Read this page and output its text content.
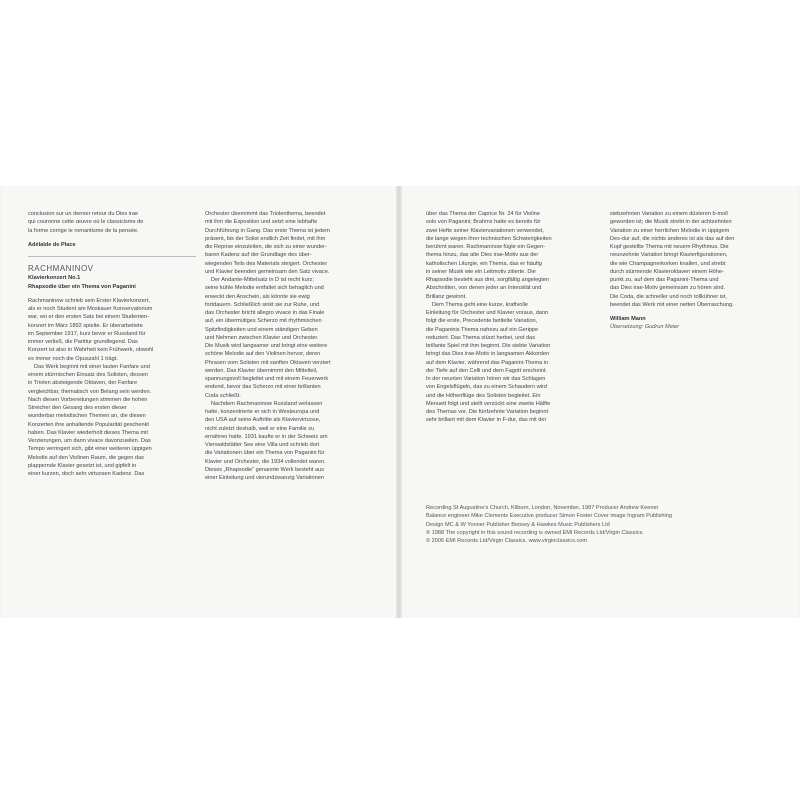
conclusion sur un dernier retour du Dies irae

qui couronne cette œuvre où le classicisme de

la forme corrige le romantisme de la pensée.

Adélaïde de Place

RACHMANINOV

Klavierkonzert No.1

Rhapsodie über ein Thema von Paganini

Rachmaninow schrieb sein Erster Klavierkonzert,

als er noch Student am Moskauer Konservatorium

war, wo er den ersten Satz bei einem Studenten-

konzert im März 1892 spielte. Er überarbeitete

im September 1917, kurz bevor er Russland für

immer verließ, die Partitur grundlegend. Das

Konzert ist also in Wahrheit kein Frühwerk, obwohl

es immer noch die Opuszahl 1 trägt.

Das Werk beginnt mit einer lauten Fanfare und

einem stürmischen Einsatz des Solisten, dessen

in Triolen absteigende Oktaven, der Fanfare

vergleichbar, thematisch von Belang sein werden.

Nach diesen Vorbereitungen stimmen die hohen

Streicher den Gesang des ersten dieser

wunderbar melodischen Themen an, die diesen

Konzerten ihre anhaltende Popularität geschenkt

haben. Das Klavier wiederholt dieses Thema mit

Verzierungen, um dann vivace davonzueilen. Das

Tempo verringert sich, gibt einer weiteren üppigen

Melodie auf den Violinen Raum, die gegen das

plappernde Klavier gesetzt ist, und gipfelt in

einer kurzen, doch sehr virtuosen Kadenz. Das

Orchester übernimmt das Triolenthema, beendet

mit ihm die Exposition und setzt eine lebhafte

Durchführung in Gang. Das erste Thema ist jedem

präsent, bis der Solist endlich Zeit findet, mit ihm

die Reprise einzuleiten, die sich zu einer wunder-

baren Kadenz auf der Grundlage des über-

wiegenden Teils des Materials steigert. Orchester

und Klavier beenden gemeinsam den Satz vivace.

Der Andante-Mittelsatz in D ist recht kurz;

seine kühle Melodie entfaltet sich behaglich und

erweckt den Anschein, als könnte sie ewig

fortdauern. Schließlich sinkt sie zur Ruhe, und

das Orchester bricht allegro vivace in das Finale

auf, ein übermütiges Scherzo mit rhythmischen

Spitzfindigkeiten und einem ständigen Geben

und Nehmen zwischen Klavier und Orchester.

Die Musik wird langsamer und bringt eine weitere

schöne Melodie auf den Violinen hervor, deren

Phrasen vom Solisten mit sanften Oktaven verziert

werden. Das Klavier übernimmt den Mittelteil,

spannungsvoll begleitet und mit einem Feuerwerk

endend, bevor das Scherzo mit einer brillanten

Coda schließt.

Nachdem Rachmaninow Russland verlassen

hatte, konzentrierte er sich in Westeuropa und

den USA auf seine Auftritte als Klaviervirtuose,

nicht zuletzt deshalb, weil er eine Familie zu

ernähren hatte. 1931 kaufte er in der Schweiz am

Vierwaldstätter See eine Villa und schrieb dort

die Variationen über ein Thema von Paganini für

Klavier und Orchester, die 1934 vollendet waren.

Dieses „Rhapsodie“ genannte Werk besteht aus

einer Einleitung und vierundzwanzig Variationen

über das Thema der Caprice Nr. 24 für Violine

solo von Paganini; Brahms hatte es bereits für

zwei Hefte seiner Klaviervariationen verwendet,

die lange wegen ihrer technischen Schwierigkeiten

berühmt waren. Rachmaninow fügte ein Gegen-

thema hinzu, das alte Dies irae-Motiv aus der

katholischen Liturgie, ein Thema, das er häufig

in seiner Musik wie ein Leitmotiv zitierte. Die

Rhapsodie besteht aus drei, sorgfältig angelegten

Abschnitten, von denen jeder an Intensität und

Brillanz gewinnt.

Dem Thema geht eine kurze, kraftvolle

Einleitung für Orchester und Klavier voraus, dann

folgt die erste, Precedente betitelte Variation,

die Paganinis Thema nahezu auf ein Gerippe

reduziert. Das Thema stürzt herbei, und das

brillante Spiel mit ihm beginnt. Die siebte Variation

bringt das Dies irae-Motiv in langsamen Akkorden

auf dem Klavier, während das Paganini-Thema in

der Tiefe auf den Celli und dem Fagott erscheint.

In der neunten Variation hören wir das Schlagen

von Engelsflügeln, das zu einem Schaudern wird

und die Höhenflüge des Solisten begleitet. Ein

Menuett folgt und stellt verzückt eine zweite Hälfte

des Themas vor. Die fünfzehnte Variation beginnt

sehr brillant mit dem Klavier in F-dur, das mit der

siebzehnten Variation zu einem düsteren b-moll

geworden ist; die Musik strebt in der achtzehnten

Variation zu einer herrlichen Melodie in üppigem

Des-dur auf, die nichts anderes ist als das auf den

Kopf gestellte Thema mit neuem Rhythmus. Die

neunzehnte Variation bringt Klavierfigurationen,

die wie Champagnerkorken knallen, und strebt

durch stürmende Klavieroktaven einem Höhe-

punkt zu, auf dem das Paganini-Thema und

das Dies irae-Motiv gemeinsam zu hören sind.

Die Coda, die schneller und noch tollkühner ist,

beendet das Werk mit einer netten Überraschung.

William Mann

Übersetzung: Gudrun Meier

Recording St Augustine's Church, Kilburn, London, November, 1987 Producer Andrew Keener

Balance engineer Mike Clements Executive producer Simon Foster Cover image Ingram Publishing

Design MC & W Yonner Publisher Boosey & Hawkes Music Publishers Ltd

℗ 1988 The copyright in this sound recording is owned EMI Records Ltd/Virgin Classics.

© 2006 EMI Records Ltd/Virgin Classics. www.virginclassics.com
